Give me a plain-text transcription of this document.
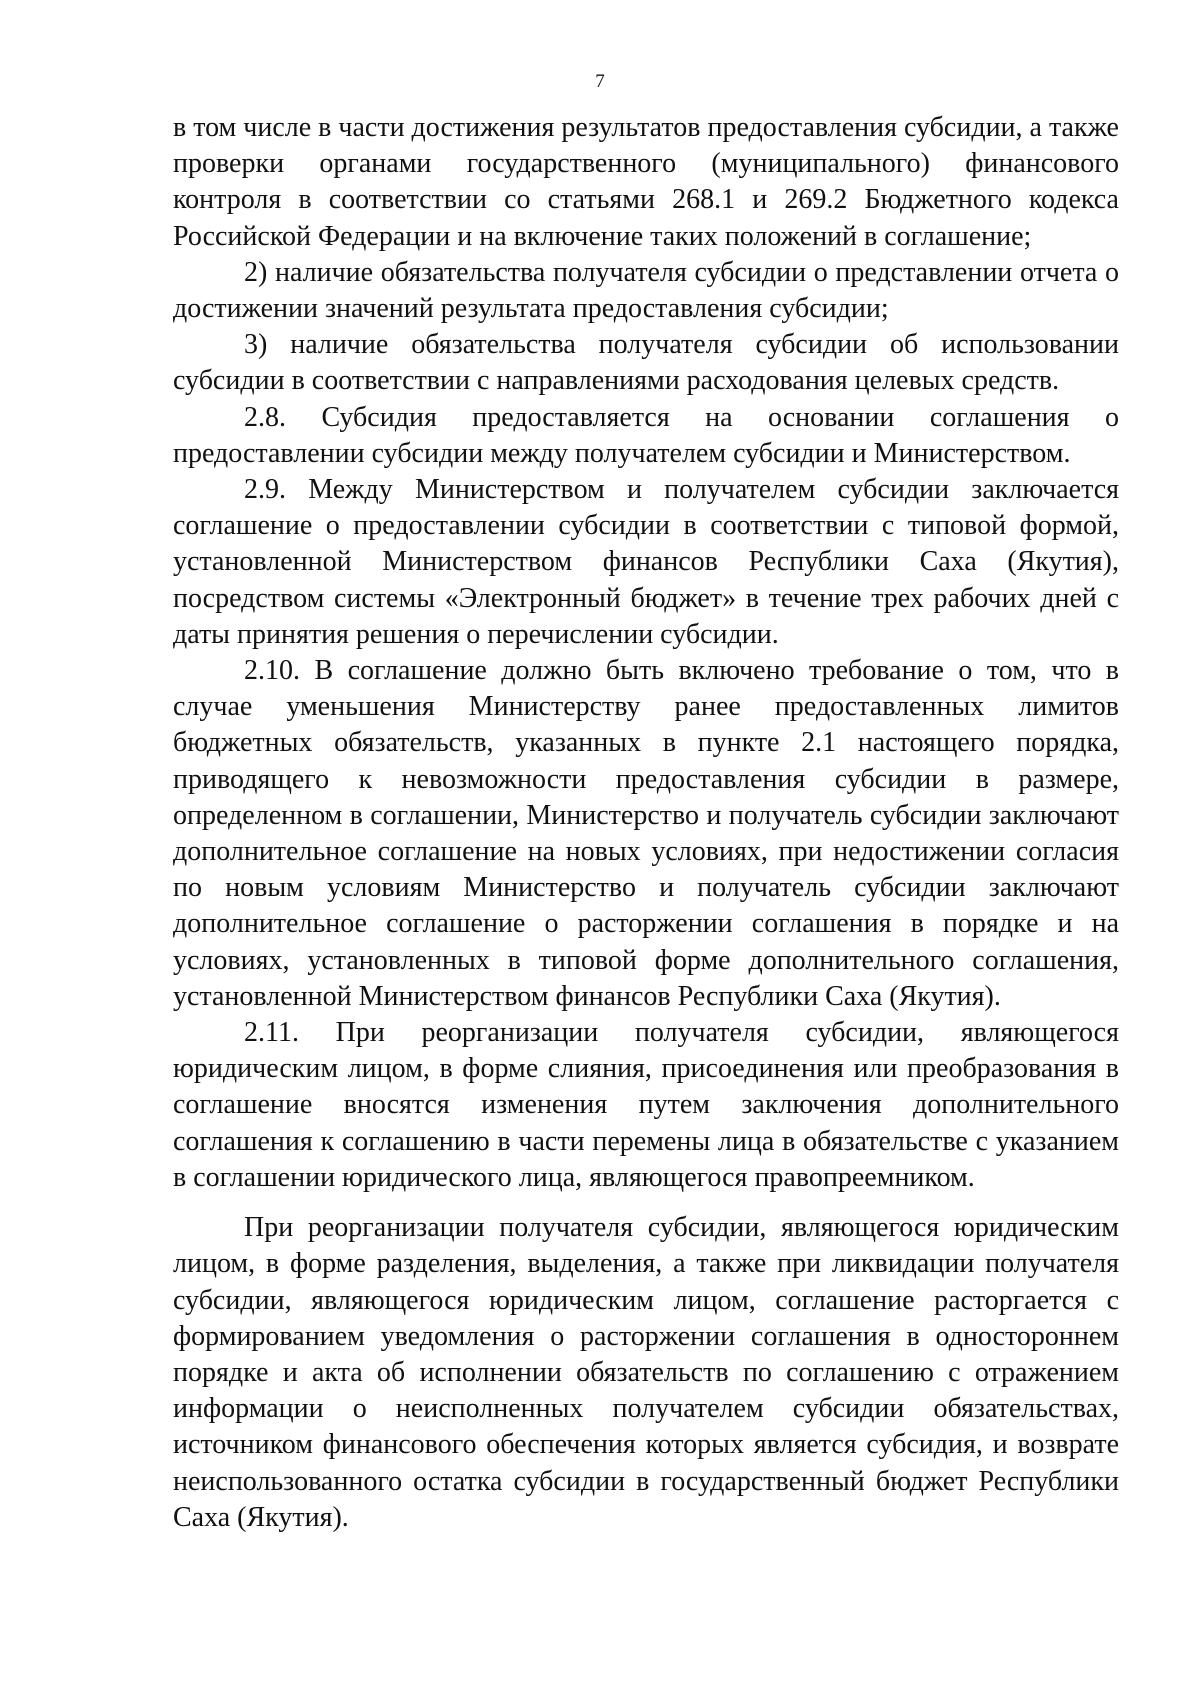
7

в том числе в части достижения результатов предоставления субсидии, а также проверки органами государственного (муниципального) финансового контроля в соответствии со статьями 268.1 и 269.2 Бюджетного кодекса Российской Федерации и на включение таких положений в соглашение;

2) наличие обязательства получателя субсидии о представлении отчета о достижении значений результата предоставления субсидии;

3) наличие обязательства получателя субсидии об использовании субсидии в соответствии с направлениями расходования целевых средств.

2.8. Субсидия предоставляется на основании соглашения о предоставлении субсидии между получателем субсидии и Министерством.

2.9. Между Министерством и получателем субсидии заключается соглашение о предоставлении субсидии в соответствии с типовой формой, установленной Министерством финансов Республики Саха (Якутия), посредством системы «Электронный бюджет» в течение трех рабочих дней с даты принятия решения о перечислении субсидии.

2.10. В соглашение должно быть включено требование о том, что в случае уменьшения Министерству ранее предоставленных лимитов бюджетных обязательств, указанных в пункте 2.1 настоящего порядка, приводящего к невозможности предоставления субсидии в размере, определенном в соглашении, Министерство и получатель субсидии заключают дополнительное соглашение на новых условиях, при недостижении согласия по новым условиям Министерство и получатель субсидии заключают дополнительное соглашение о расторжении соглашения в порядке и на условиях, установленных в типовой форме дополнительного соглашения, установленной Министерством финансов Республики Саха (Якутия).

2.11. При реорганизации получателя субсидии, являющегося юридическим лицом, в форме слияния, присоединения или преобразования в соглашение вносятся изменения путем заключения дополнительного соглашения к соглашению в части перемены лица в обязательстве с указанием в соглашении юридического лица, являющегося правопреемником.

При реорганизации получателя субсидии, являющегося юридическим лицом, в форме разделения, выделения, а также при ликвидации получателя субсидии, являющегося юридическим лицом, соглашение расторгается с формированием уведомления о расторжении соглашения в одностороннем порядке и акта об исполнении обязательств по соглашению с отражением информации о неисполненных получателем субсидии обязательствах, источником финансового обеспечения которых является субсидия, и возврате неиспользованного остатка субсидии в государственный бюджет Республики Саха (Якутия).
